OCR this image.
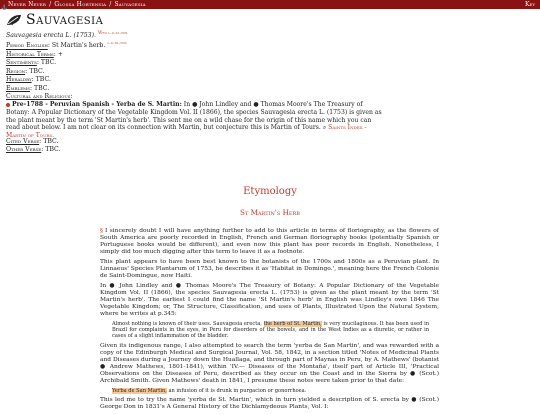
⚓ Never Never / Glossa Hortensia / Sauvagesia	Key
Sauvagesia
Sauvagesia erecta L. (1753). $^{Wfo l.u.sl.tos}$
Period English: St Martin's herb. $^{l.u.sl.tos}$
Historical Terms: +
Sentiments: TBC.
Region: TBC.
Heraldry: TBC.
Emblems: TBC.
Cultural and Religious:
Pre-1788 - Peruvian Spanish - Yerba de S. Martin: In ● John Lindley and ● Thomas Moore's The Treasury of Botany: A Popular Dictionary of the Vegetable Kingdom Vol. II (1866), the species Sauvagesia erecta L. (1753) is given as the plant meant by the term 'St Martin's herb'. This sent me on a wild chase for the origin of this name which you can read about below. I am not clear on its connection with Martin, but conjecture this is Martin of Tours. ⌕ Saints Index - Martin of Tours.
Cited Verse: TBC.
Other Verse: TBC.
Etymology
St Martin's Herb

§ I sincerely doubt I will have anything further to add to this article in terms of floriography, as the flowers of South America are poorly recorded in English, French and German floriography books (potentially Spanish or Portuguese books would be different), and even now this plant has poor records in English. Nonetheless, I simply did too much digging after this term to leave it as a footnote.

This plant appears to have been best known to the botanists of the 1700s and 1800s as a Peruvian plant. In Linnaeus' Species Plantarum of 1753, he describes it as 'Habitat in Domingo.', meaning here the French Colonie de Saint-Domingue, now Haiti.

In ● John Lindley and ● Thomas Moore's The Treasury of Botany: A Popular Dictionary of the Vegetable Kingdom Vol. II (1866), the species Sauvagesia erecta L. (1753) is given as the plant meant by the term 'St Martin's herb'. The earliest I could find the name 'St Martin's herb' in English was Lindley's own 1846 The Vegetable Kingdom; or, The Structure, Classification, and uses of Plants, Illustrated Upon the Natural System, where he writes at p.345:

Almost nothing is known of their uses. Sauvagesia erecta, the herb of St. Martin, is very mucilaginous. It has been used in Brazil for complaints in the eyes, in Peru for disorders of the bowels, and in the West Indies as a diuretic, or rather in cases of a slight inflammation of the bladder.

Given its indigenous range, I also attempted to search the term 'yerba de San Martin', and was rewarded with a copy of the Edinburgh Medical and Surgical Journal, Vol. 58, 1842, in a section titled 'Notes of Medicinal Plants and Diseases during a Journey down the Huallaga, and through part of Maynas in Peru, by A. Mathews' (botanist ● Andrew Mathews, 1801-1841), within 'IV.— Diseases of the Montaña', itself part of Article III, 'Practical Observations on the Diseases of Peru, described as they occur on the Coast and in the Sierra by ● (Scot.) Archibald Smith. Given Mathews' death in 1841, I presume these notes were taken prior to that date:

Yerba de San Martin, an infusion of it is drunk in purgacion or gonorrhoea.

This led me to try the name 'yerba de St. Martin', which in turn yielded a description of S. erecta by ● (Scot.) George Don in 1831's A General History of the Dichlamydeous Plants, Vol. I:
